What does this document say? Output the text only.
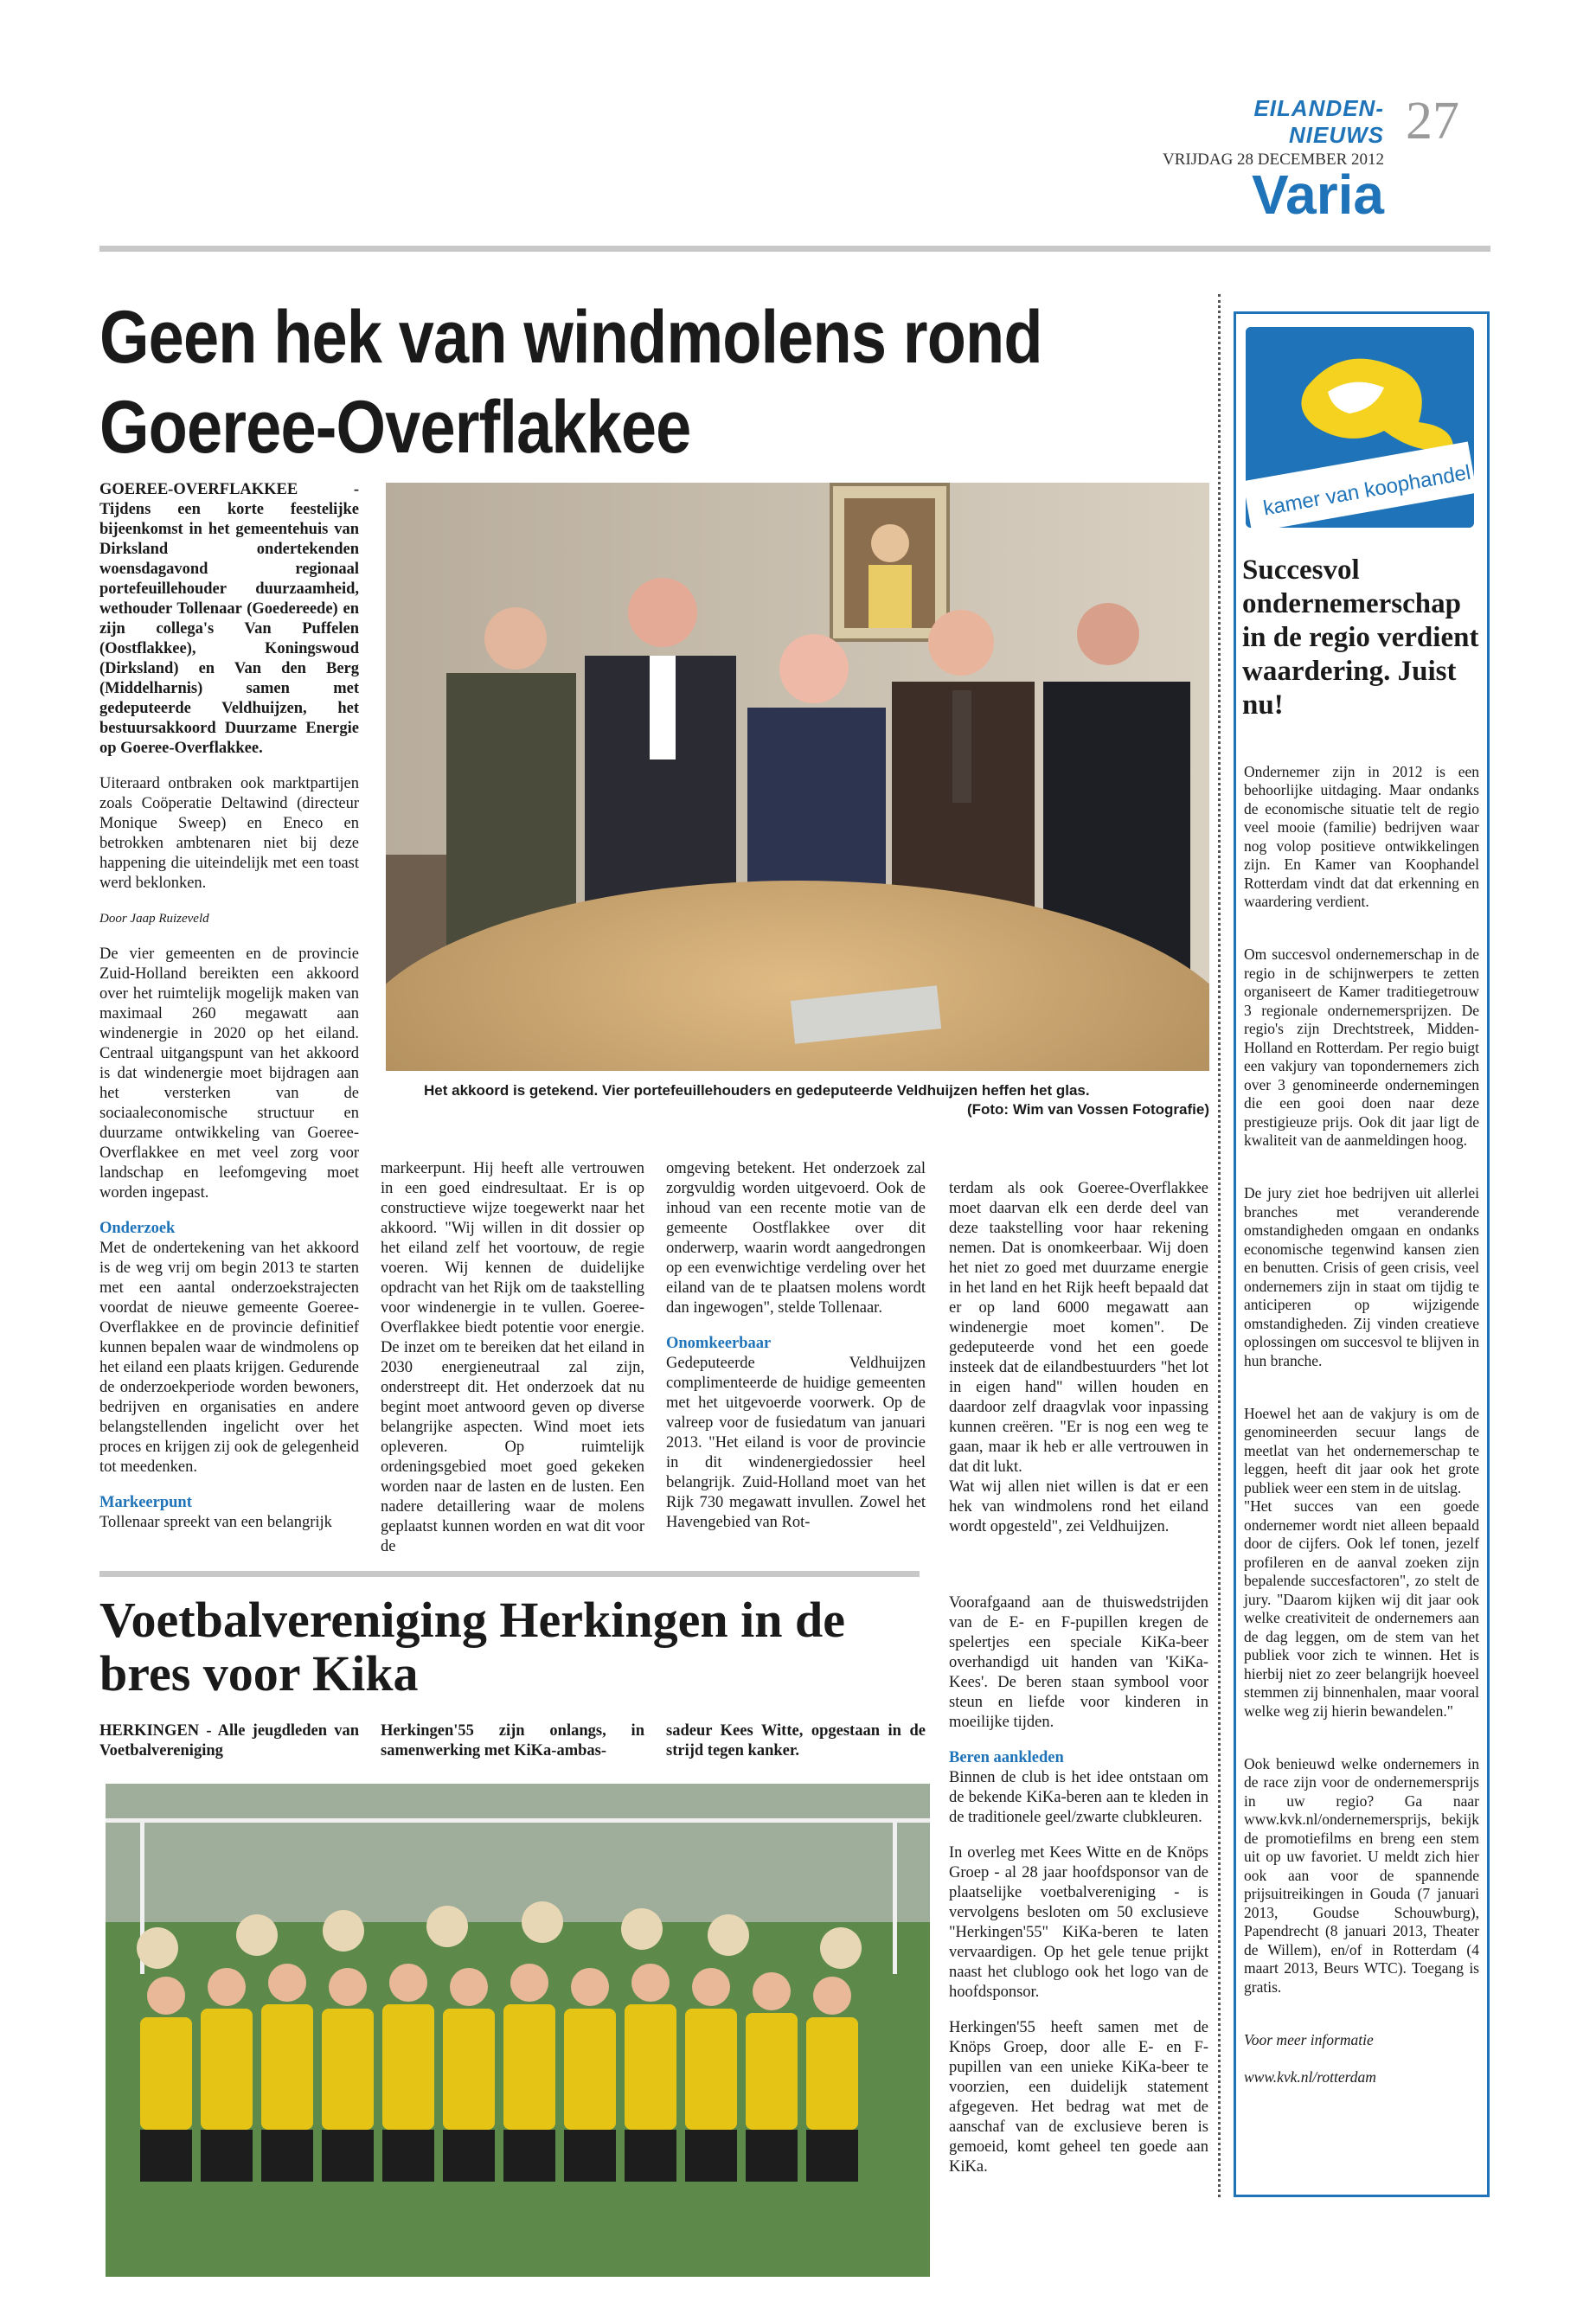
EILANDEN-NIEUWS
VRIJDAG 28 DECEMBER 2012
27
Varia
Geen hek van windmolens rond
Goeree-Overflakkee

GOEREE-OVERFLAKKEE - Tijdens een korte feestelijke bijeenkomst in het gemeentehuis van Dirksland ondertekenden woensdagavond regionaal portefeuillehouder duurzaamheid, wethouder Tollenaar (Goedereede) en zijn collega's Van Puffelen (Oostflakkee), Koningswoud (Dirksland) en Van den Berg (Middelharnis) samen met gedeputeerde Veldhuijzen, het bestuursakkoord Duurzame Energie op Goeree-Overflakkee.

Uiteraard ontbraken ook marktpartijen zoals Coöperatie Deltawind (directeur Monique Sweep) en Eneco en betrokken ambtenaren niet bij deze happening die uiteindelijk met een toast werd beklonken.

Door Jaap Ruizeveld

De vier gemeenten en de provincie Zuid-Holland bereikten een akkoord over het ruimtelijk mogelijk maken van maximaal 260 megawatt aan windenergie in 2020 op het eiland. Centraal uitgangspunt van het akkoord is dat windenergie moet bijdragen aan het versterken van de sociaaleconomische structuur en duurzame ontwikkeling van Goeree-Overflakkee en met veel zorg voor landschap en leefomgeving moet worden ingepast.

Onderzoek

Met de ondertekening van het akkoord is de weg vrij om begin 2013 te starten met een aantal onderzoekstrajecten voordat de nieuwe gemeente Goeree-Overflakkee en de provincie definitief kunnen bepalen waar de windmolens op het eiland een plaats krijgen. Gedurende de onderzoekperiode worden bewoners, bedrijven en organisaties en andere belangstellenden ingelicht over het proces en krijgen zij ook de gelegenheid tot meedenken.

Markeerpunt

Tollenaar spreekt van een belangrijk

Het akkoord is getekend. Vier portefeuillehouders en gedeputeerde Veldhuijzen heffen het glas.
(Foto: Wim van Vossen Fotografie)

markeerpunt. Hij heeft alle vertrouwen in een goed eindresultaat. Er is op constructieve wijze toegewerkt naar het akkoord. "Wij willen in dit dossier op het eiland zelf het voortouw, de regie voeren. Wij kennen de duidelijke opdracht van het Rijk om de taakstelling voor windenergie in te vullen. Goeree-Overflakkee biedt potentie voor energie. De inzet om te bereiken dat het eiland in 2030 energieneutraal zal zijn, onderstreept dit. Het onderzoek dat nu begint moet antwoord geven op diverse belangrijke aspecten. Wind moet iets opleveren. Op ruimtelijk ordeningsgebied moet goed gekeken worden naar de lasten en de lusten. Een nadere detaillering waar de molens geplaatst kunnen worden en wat dit voor de

omgeving betekent. Het onderzoek zal zorgvuldig worden uitgevoerd. Ook de inhoud van een recente motie van de gemeente Oostflakkee over dit onderwerp, waarin wordt aangedrongen op een evenwichtige verdeling over het eiland van de te plaatsen molens wordt dan ingewogen", stelde Tollenaar.

Onomkeerbaar

Gedeputeerde Veldhuijzen complimenteerde de huidige gemeenten met het uitgevoerde voorwerk. Op de valreep voor de fusiedatum van januari 2013. "Het eiland is voor de provincie in dit windenergiedossier heel belangrijk. Zuid-Holland moet van het Rijk 730 megawatt invullen. Zowel het Havengebied van Rot-

terdam als ook Goeree-Overflakkee moet daarvan elk een derde deel van deze taakstelling voor haar rekening nemen. Dat is onomkeerbaar. Wij doen het niet zo goed met duurzame energie in het land en het Rijk heeft bepaald dat er op land 6000 megawatt aan windenergie moet komen". De gedeputeerde vond het een goede insteek dat de eilandbestuurders "het lot in eigen hand" willen houden en daardoor zelf draagvlak voor inpassing kunnen creëren. "Er is nog een weg te gaan, maar ik heb er alle vertrouwen in dat dit lukt.
Wat wij allen niet willen is dat er een hek van windmolens rond het eiland wordt opgesteld", zei Veldhuijzen.

Voetbalvereniging Herkingen in de
bres voor Kika
HERKINGEN - Alle jeugdleden van Voetbalvereniging
Herkingen'55 zijn onlangs, in samenwerking met KiKa-ambas-
sadeur Kees Witte, opgestaan in de strijd tegen kanker.

Voorafgaand aan de thuiswedstrijden van de E- en F-pupillen kregen de spelertjes een speciale KiKa-beer overhandigd uit handen van 'KiKa-Kees'. De beren staan symbool voor steun en liefde voor kinderen in moeilijke tijden.

Beren aankleden

Binnen de club is het idee ontstaan om de bekende KiKa-beren aan te kleden in de traditionele geel/zwarte clubkleuren.

In overleg met Kees Witte en de Knöps Groep - al 28 jaar hoofdsponsor van de plaatselijke voetbalvereniging - is vervolgens besloten om 50 exclusieve "Herkingen'55" KiKa-beren te laten vervaardigen. Op het gele tenue prijkt naast het clublogo ook het logo van de hoofdsponsor.

Herkingen'55 heeft samen met de Knöps Groep, door alle E- en F- pupillen van een unieke KiKa-beer te voorzien, een duidelijk statement afgegeven. Het bedrag wat met de aanschaf van de exclusieve beren is gemoeid, komt geheel ten goede aan KiKa.

kamer van koophandel
Succesvol ondernemerschap in de regio verdient waardering. Juist nu!

Ondernemer zijn in 2012 is een behoorlijke uitdaging. Maar ondanks de economische situatie telt de regio veel mooie (familie) bedrijven waar nog volop positieve ontwikkelingen zijn. En Kamer van Koophandel Rotterdam vindt dat dat erkenning en waardering verdient.

Om succesvol ondernemerschap in de regio in de schijnwerpers te zetten organiseert de Kamer traditiegetrouw 3 regionale ondernemersprijzen. De regio's zijn Drechtstreek, Midden-Holland en Rotterdam. Per regio buigt een vakjury van topondernemers zich over 3 genomineerde ondernemingen die een gooi doen naar deze prestigieuze prijs. Ook dit jaar ligt de kwaliteit van de aanmeldingen hoog.

De jury ziet hoe bedrijven uit allerlei branches met veranderende omstandigheden omgaan en ondanks economische tegenwind kansen zien en benutten. Crisis of geen crisis, veel ondernemers zijn in staat om tijdig te anticiperen op wijzigende omstandigheden. Zij vinden creatieve oplossingen om succesvol te blijven in hun branche.

Hoewel het aan de vakjury is om de genomineerden secuur langs de meetlat van het ondernemerschap te leggen, heeft dit jaar ook het grote publiek weer een stem in de uitslag.
"Het succes van een goede ondernemer wordt niet alleen bepaald door de cijfers. Ook lef tonen, jezelf profileren en de aanval zoeken zijn bepalende succesfactoren", zo stelt de jury. "Daarom kijken wij dit jaar ook welke creativiteit de ondernemers aan de dag leggen, om de stem van het publiek voor zich te winnen. Het is hierbij niet zo zeer belangrijk hoeveel stemmen zij binnenhalen, maar vooral welke weg zij hierin bewandelen."

Ook benieuwd welke ondernemers in de race zijn voor de ondernemersprijs in uw regio? Ga naar www.kvk.nl/ondernemersprijs, bekijk de promotiefilms en breng een stem uit op uw favoriet. U meldt zich hier ook aan voor de spannende prijsuitreikingen in Gouda (7 januari 2013, Goudse Schouwburg), Papendrecht (8 januari 2013, Theater de Willem), en/of in Rotterdam (4 maart 2013, Beurs WTC). Toegang is gratis.

Voor meer informatie

www.kvk.nl/rotterdam
